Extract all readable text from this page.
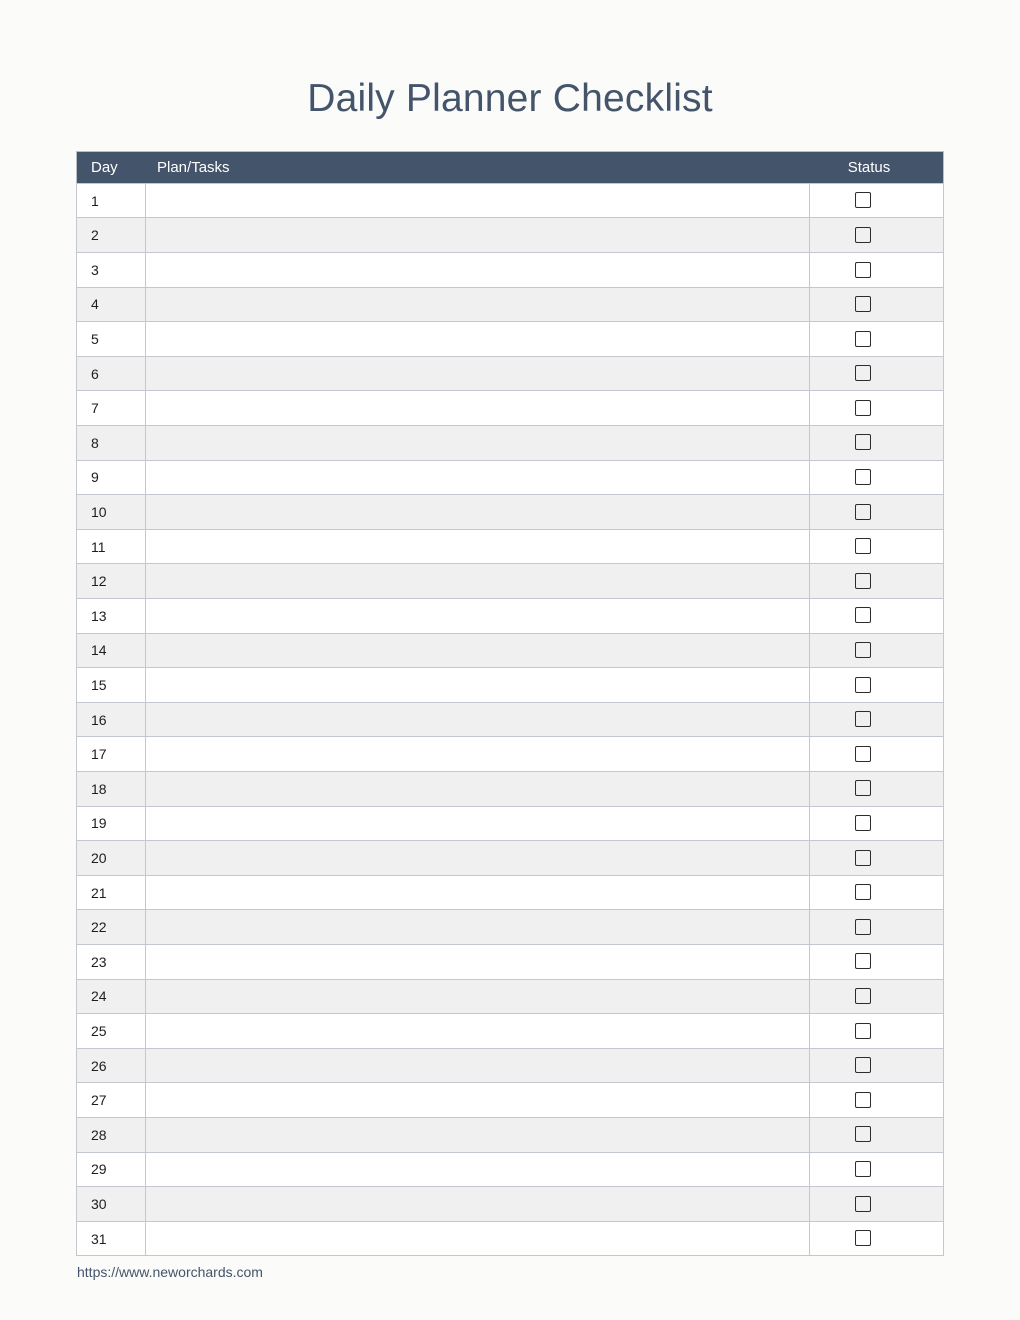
Daily Planner Checklist
Day	Plan/Tasks	Status
1		
2		
3		
4		
5		
6		
7		
8		
9		
10		
11		
12		
13		
14		
15		
16		
17		
18		
19		
20		
21		
22		
23		
24		
25		
26		
27		
28		
29		
30		
31		
https://www.neworchards.com
